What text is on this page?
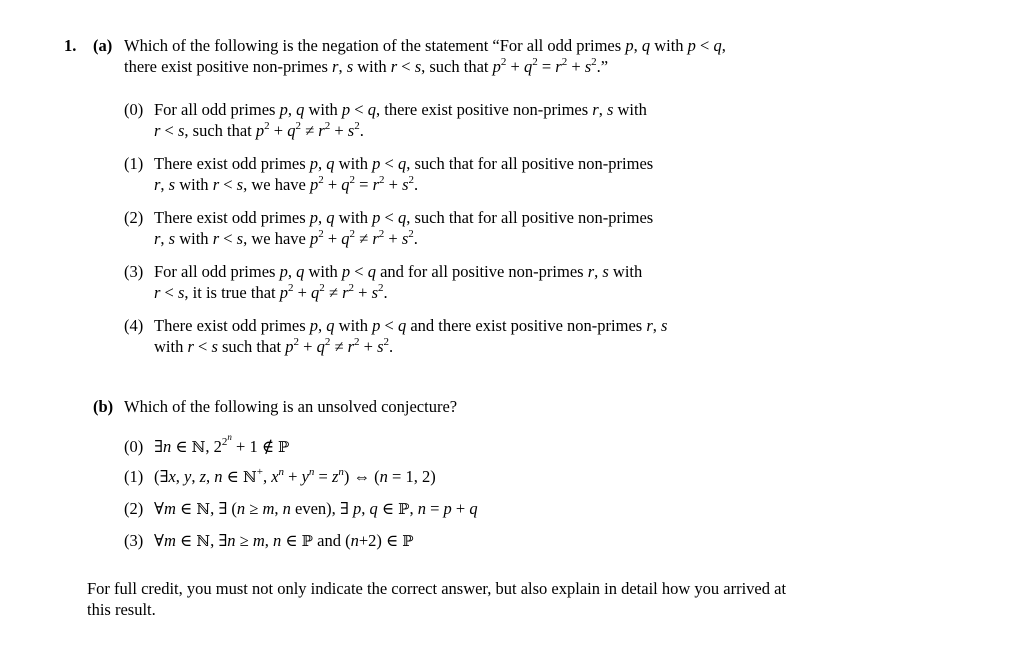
1. (a) Which of the following is the negation of the statement “For all odd primes p, q with p < q,
there exist positive non-primes r, s with r < s, such that $p^2 + q^2 = r^2 + s^2$.”
(0) For all odd primes p, q with p < q, there exist positive non-primes r, s with
r < s, such that $p^2 + q^2 \ne r^2 + s^2$.
(1) There exist odd primes p, q with p < q, such that for all positive non-primes
r, s with r < s, we have $p^2 + q^2 = r^2 + s^2$.
(2) There exist odd primes p, q with p < q, such that for all positive non-primes
r, s with r < s, we have $p^2 + q^2 \ne r^2 + s^2$.
(3) For all odd primes p, q with p < q and for all positive non-primes r, s with
r < s, it is true that $p^2 + q^2 \ne r^2 + s^2$.
(4) There exist odd primes p, q with p < q and there exist positive non-primes r, s
with r < s such that $p^2 + q^2 \ne r^2 + s^2$.
(b) Which of the following is an unsolved conjecture?
(0) ∃n ∈ ℕ, $2^{2^n} + 1$ ∉ ℙ
(1) (∃x, y, z, n ∈ ℕ+, $x^n + y^n = z^n$) ⇔ (n = 1, 2)
(2) ∀m ∈ ℕ, ∃ (n ≥ m, n even), ∃ p, q ∈ ℙ, n = p + q
(3) ∀m ∈ ℕ, ∃n ≥ m, n ∈ ℙ and (n+2) ∈ ℙ
For full credit, you must not only indicate the correct answer, but also explain in detail how you arrived at this result.
